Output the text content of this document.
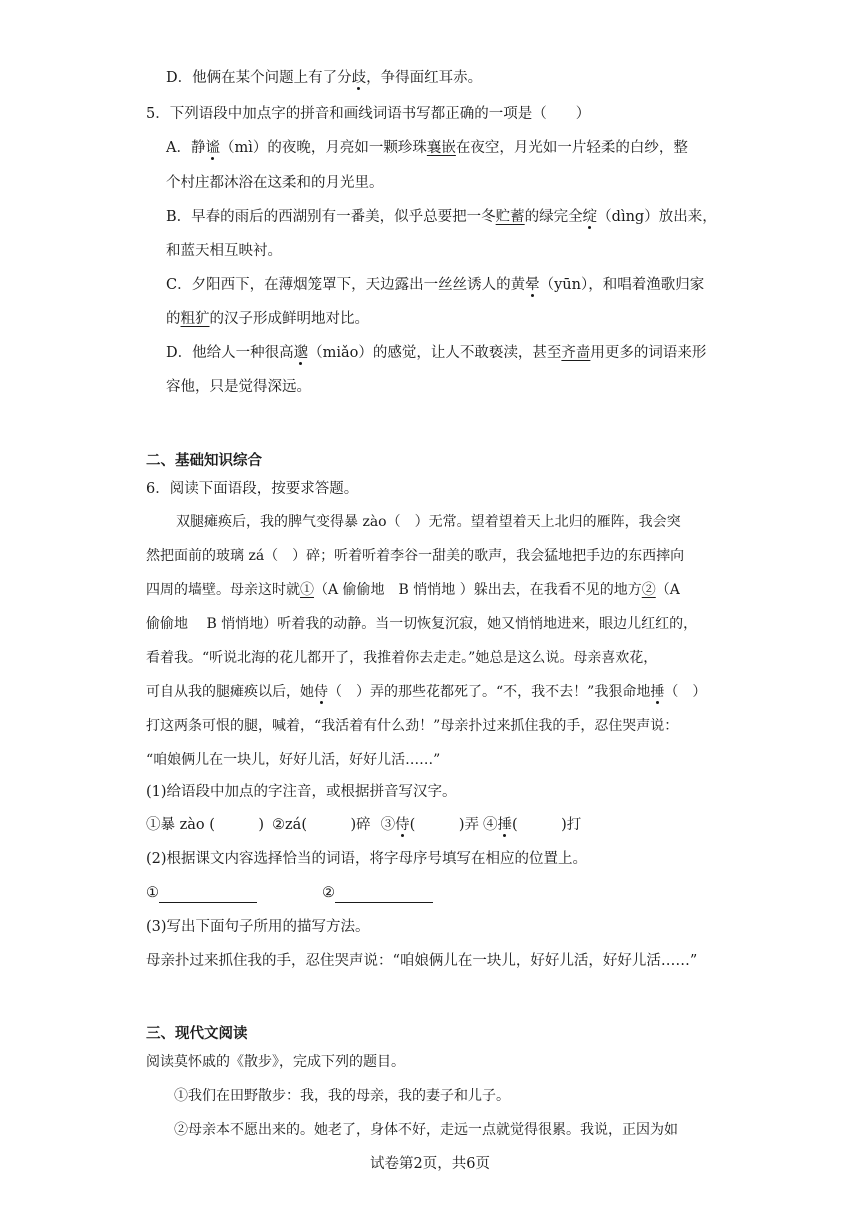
D．他俩在某个问题上有了分歧，争得面红耳赤。
5．下列语段中加点字的拼音和画线词语书写都正确的一项是（　　）
A．静谧（mì）的夜晚，月亮如一颗珍珠襄嵌在夜空，月光如一片轻柔的白纱，整
个村庄都沐浴在这柔和的月光里。
B．早春的雨后的西湖别有一番美，似乎总要把一冬贮蓄的绿完全绽（dìng）放出来，
和蓝天相互映衬。
C．夕阳西下，在薄烟笼罩下，天边露出一丝丝诱人的黄晕（yūn），和唱着渔歌归家
的粗犷的汉子形成鲜明地对比。
D．他给人一种很高邈（miǎo）的感觉，让人不敢亵渎，甚至齐啬用更多的词语来形
容他，只是觉得深远。
二、基础知识综合
6．阅读下面语段，按要求答题。
双腿瘫痪后，我的脾气变得暴 zào（　）无常。望着望着天上北归的雁阵，我会突
然把面前的玻璃 zá（　）碎；听着听着李谷一甜美的歌声，我会猛地把手边的东西摔向
四周的墙壁。母亲这时就①（A 偷偷地　B 悄悄地 ）躲出去，在我看不见的地方②（A
偷偷地　 B 悄悄地）听着我的动静。当一切恢复沉寂，她又悄悄地进来，眼边儿红红的，
看着我。“听说北海的花儿都开了，我推着你去走走。”她总是这么说。母亲喜欢花，
可自从我的腿瘫痪以后，她侍（　）弄的那些花都死了。“不，我不去！”我狠命地捶（　）
打这两条可恨的腿，喊着，“我活着有什么劲！”母亲扑过来抓住我的手，忍住哭声说：
“咱娘俩儿在一块儿，好好儿活，好好儿活……”
(1)给语段中加点的字注音，或根据拼音写汉字。
①暴 zào (　　　) ②zá(　　　)碎 ③侍(　　　)弄 ④捶(　　　)打
(2)根据课文内容选择恰当的词语，将字母序号填写在相应的位置上。
①	②
(3)写出下面句子所用的描写方法。
母亲扑过来抓住我的手，忍住哭声说：“咱娘俩儿在一块儿，好好儿活，好好儿活……”
三、现代文阅读
阅读莫怀戚的《散步》，完成下列的题目。
①我们在田野散步：我，我的母亲，我的妻子和儿子。
②母亲本不愿出来的。她老了，身体不好，走远一点就觉得很累。我说，正因为如
试卷第2页，共6页
